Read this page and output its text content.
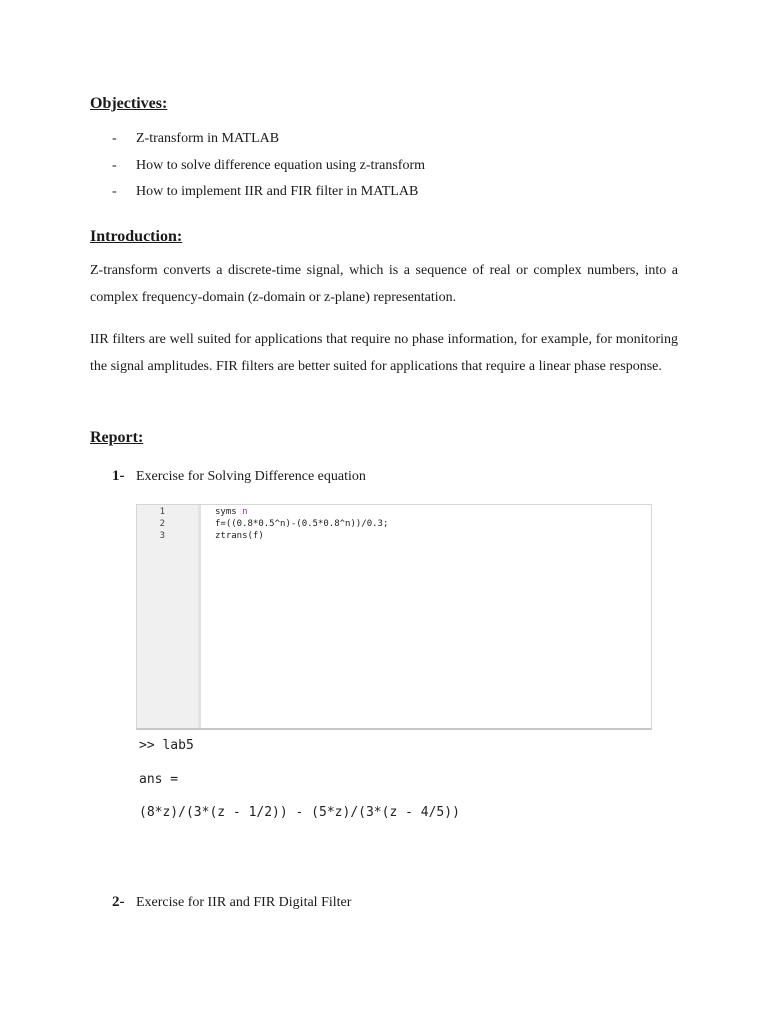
Objectives:
- Z-transform in MATLAB
- How to solve difference equation using z-transform
- How to implement IIR and FIR filter in MATLAB
Introduction:

Z-transform converts a discrete-time signal, which is a sequence of real or complex numbers, into a complex frequency-domain (z-domain or z-plane) representation.

IIR filters are well suited for applications that require no phase information, for example, for monitoring the signal amplitudes. FIR filters are better suited for applications that require a linear phase response.

Report:
1- Exercise for Solving Difference equation
1
2
3
syms n
f=((0.8*0.5^n)-(0.5*0.8^n))/0.3;
ztrans(f)
>> lab5
ans =
(8*z)/(3*(z - 1/2)) - (5*z)/(3*(z - 4/5))
2- Exercise for IIR and FIR Digital Filter
